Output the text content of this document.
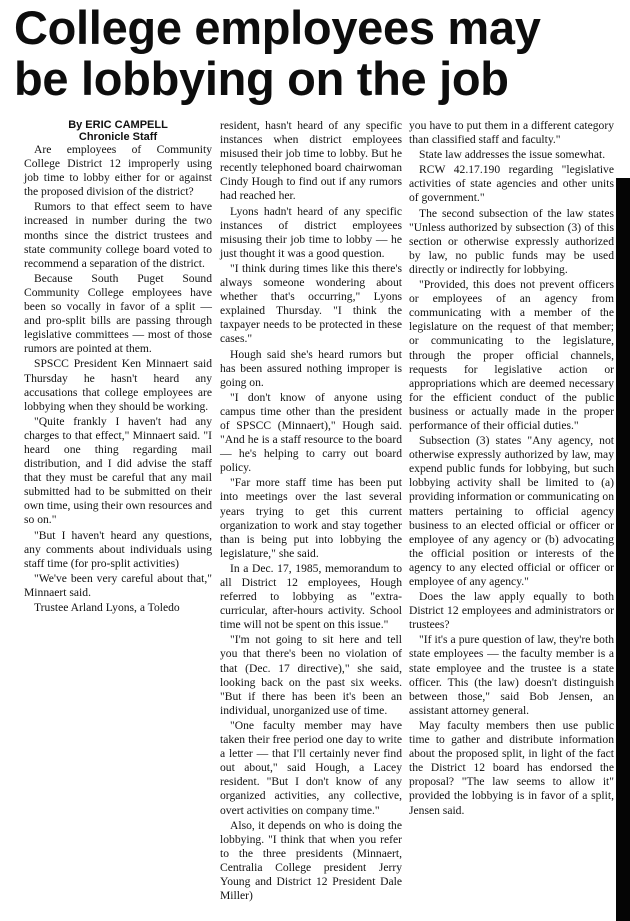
College employees may
be lobbying on the job
By ERIC CAMPELL
Chronicle Staff

Are employees of Community College District 12 improperly using job time to lobby either for or against the proposed division of the district?

Rumors to that effect seem to have increased in number during the two months since the district trustees and state community college board voted to recommend a separation of the district.

Because South Puget Sound Community College employees have been so vocally in favor of a split — and pro-split bills are passing through legislative committees — most of those rumors are pointed at them.

SPSCC President Ken Minnaert said Thursday he hasn't heard any accusations that college employees are lobbying when they should be working.

"Quite frankly I haven't had any charges to that effect," Minnaert said. "I heard one thing regarding mail distribution, and I did advise the staff that they must be careful that any mail submitted had to be submitted on their own time, using their own resources and so on."

"But I haven't heard any questions, any comments about individuals using staff time (for pro-split activities)

"We've been very careful about that," Minnaert said.

Trustee Arland Lyons, a Toledo

resident, hasn't heard of any specific instances when district employees misused their job time to lobby. But he recently telephoned board chairwoman Cindy Hough to find out if any rumors had reached her.

Lyons hadn't heard of any specific instances of district employees misusing their job time to lobby — he just thought it was a good question.

"I think during times like this there's always someone wondering about whether that's occurring," Lyons explained Thursday. "I think the taxpayer needs to be protected in these cases."

Hough said she's heard rumors but has been assured nothing improper is going on.

"I don't know of anyone using campus time other than the president of SPSCC (Minnaert)," Hough said. "And he is a staff resource to the board — he's helping to carry out board policy.

"Far more staff time has been put into meetings over the last several years trying to get this current organization to work and stay together than is being put into lobbying the legislature," she said.

In a Dec. 17, 1985, memorandum to all District 12 employees, Hough referred to lobbying as "extra-curricular, after-hours activity. School time will not be spent on this issue."

"I'm not going to sit here and tell you that there's been no violation of that (Dec. 17 directive)," she said, looking back on the past six weeks. "But if there has been it's been an individual, unorganized use of time.

"One faculty member may have taken their free period one day to write a letter — that I'll certainly never find out about," said Hough, a Lacey resident. "But I don't know of any organized activities, any collective, overt activities on company time."

Also, it depends on who is doing the lobbying. "I think that when you refer to the three presidents (Minnaert, Centralia College president Jerry Young and District 12 President Dale Miller)

you have to put them in a different category than classified staff and faculty."

State law addresses the issue somewhat.

RCW 42.17.190 regarding "legislative activities of state agencies and other units of government."

The second subsection of the law states "Unless authorized by subsection (3) of this section or otherwise expressly authorized by law, no public funds may be used directly or indirectly for lobbying.

"Provided, this does not prevent officers or employees of an agency from communicating with a member of the legislature on the request of that member; or communicating to the legislature, through the proper official channels, requests for legislative action or appropriations which are deemed necessary for the efficient conduct of the public business or actually made in the proper performance of their official duties."

Subsection (3) states "Any agency, not otherwise expressly authorized by law, may expend public funds for lobbying, but such lobbying activity shall be limited to (a) providing information or communicating on matters pertaining to official agency business to an elected official or officer or employee of any agency or (b) advocating the official position or interests of the agency to any elected official or officer or employee of any agency."

Does the law apply equally to both District 12 employees and administrators or trustees?

"If it's a pure question of law, they're both state employees — the faculty member is a state employee and the trustee is a state officer. This (the law) doesn't distinguish between those," said Bob Jensen, an assistant attorney general.

May faculty members then use public time to gather and distribute information about the proposed split, in light of the fact the District 12 board has endorsed the proposal? "The law seems to allow it" provided the lobbying is in favor of a split, Jensen said.
